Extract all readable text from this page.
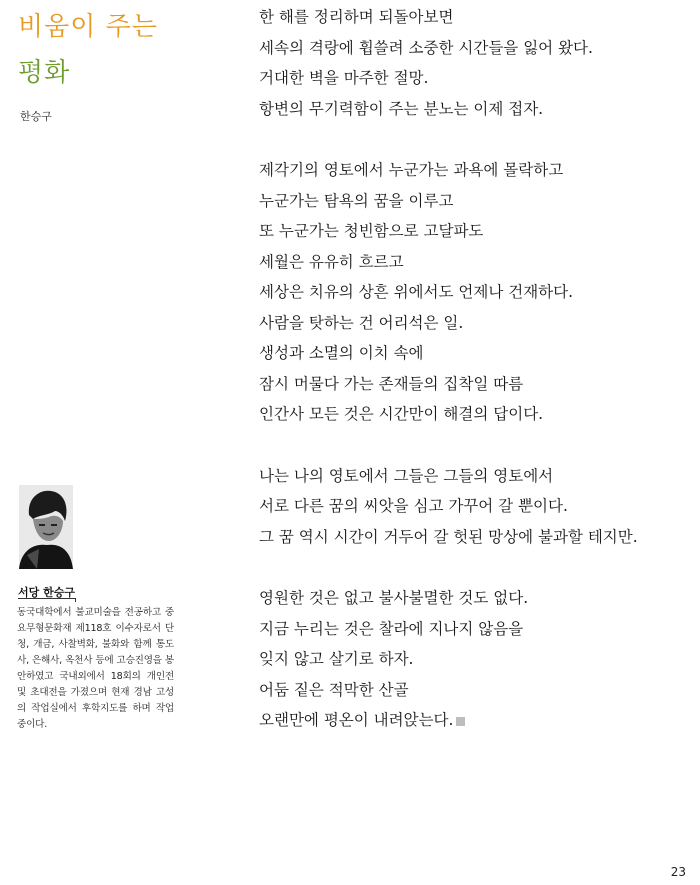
비움이 주는
평화
한승구
한 해를 정리하며 되돌아보면
세속의 격랑에 휩쓸려 소중한 시간들을 잃어 왔다.
거대한 벽을 마주한 절망.
항변의 무기력함이 주는 분노는 이제 접자.
제각기의 영토에서 누군가는 과욕에 몰락하고
누군가는 탐욕의 꿈을 이루고
또 누군가는 청빈함으로 고달파도
세월은 유유히 흐르고
세상은 치유의 상흔 위에서도 언제나 건재하다.
사람을 탓하는 건 어리석은 일.
생성과 소멸의 이치 속에
잠시 머물다 가는 존재들의 집착일 따름
인간사 모든 것은 시간만이 해결의 답이다.
나는 나의 영토에서 그들은 그들의 영토에서
서로 다른 꿈의 씨앗을 심고 가꾸어 갈 뿐이다.
그 꿈 역시 시간이 거두어 갈 헛된 망상에 불과할 테지만.
영원한 것은 없고 불사불멸한 것도 없다.
지금 누리는 것은 찰라에 지나지 않음을
잊지 않고 살기로 하자.
어둠 짙은 적막한 산골
오랜만에 평온이 내려앉는다.
서당 한승구
동국대학에서 불교미술을 전공하고 중요무형문화재 제118호 이수자로서 단청, 개금, 사찰벽화, 불화와 함께 통도사, 은해사, 옥천사 등에 고승진영을 봉안하였고 국내외에서 18회의 개인전 및 초대전을 가졌으며 현재 경남 고성의 작업실에서 후학지도를 하며 작업 중이다.
23
